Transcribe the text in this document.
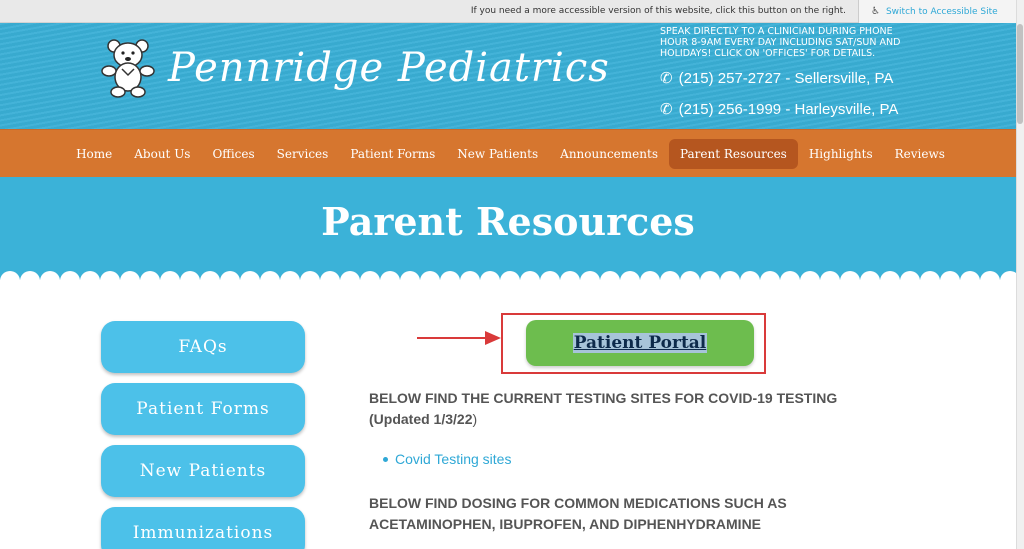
If you need a more accessible version of this website, click this button on the right.	♿ Switch to Accessible Site
Pennridge Pediatrics
SPEAK DIRECTLY TO A CLINICIAN DURING PHONE HOUR 8-9AM EVERY DAY INCLUDING SAT/SUN AND HOLIDAYS! CLICK ON 'OFFICES' FOR DETAILS.
✆ (215) 257-2727 - Sellersville, PA
✆ (215) 256-1999 - Harleysville, PA
Home	About Us	Offices	Services	Patient Forms	New Patients	Announcements	Parent Resources	Highlights	Reviews
Parent Resources
FAQs
Patient Forms
New Patients
Immunizations
Patient Portal
BELOW FIND THE CURRENT TESTING SITES FOR COVID-19 TESTING
(Updated 1/3/22)
Covid Testing sites
BELOW FIND DOSING FOR COMMON MEDICATIONS SUCH AS
ACETAMINOPHEN, IBUPROFEN, AND DIPHENHYDRAMINE
